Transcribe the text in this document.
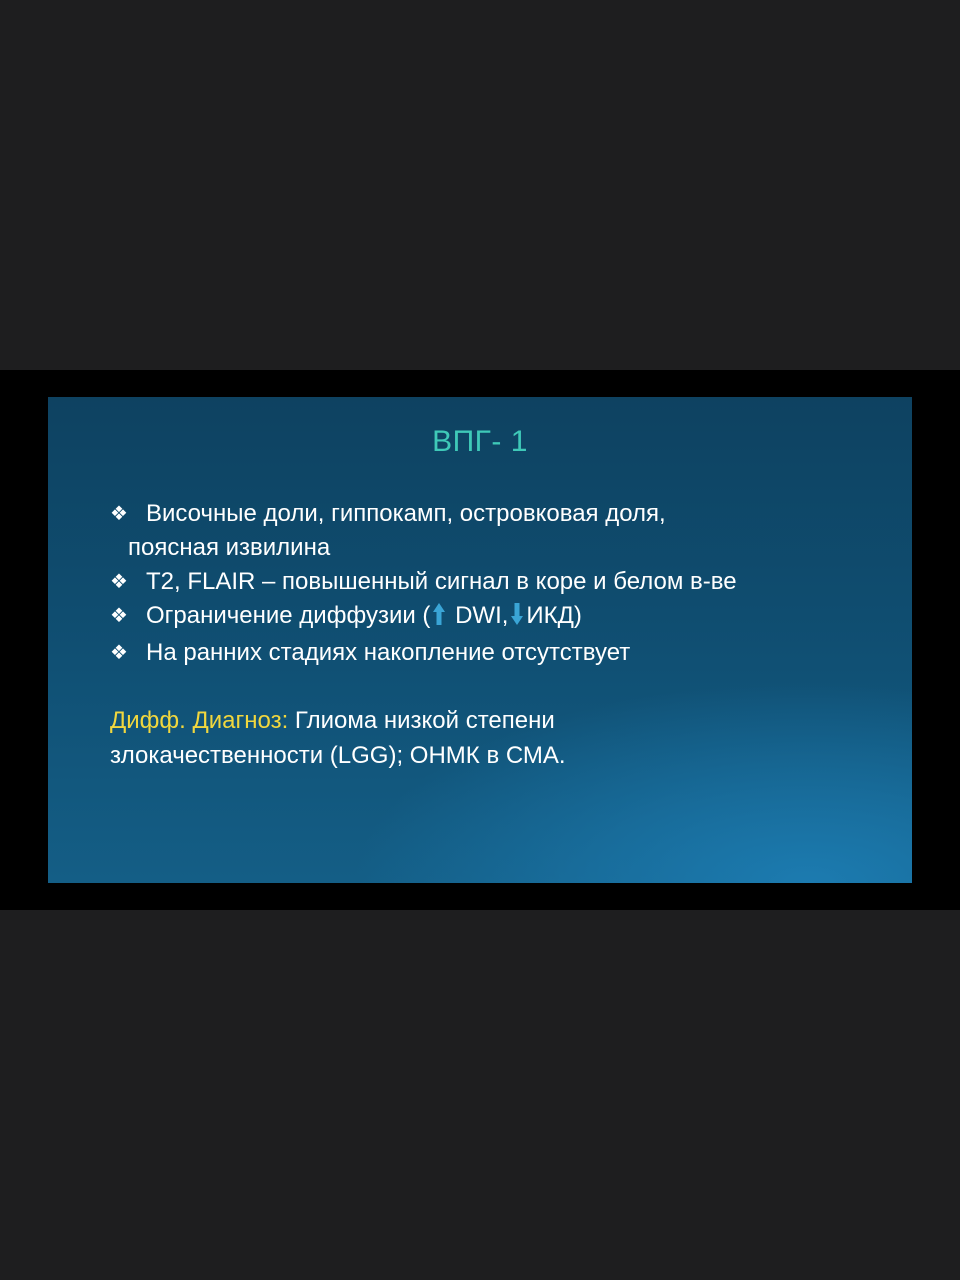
ВПГ- 1
❖ Височные доли, гиппокамп, островковая доля,
поясная извилина
❖ T2, FLAIR – повышенный сигнал в коре и белом в-ве
❖ Ограничение диффузии ( DWI, ИКД)
❖ На ранних стадиях накопление отсутствует
Дифф. Диагноз: Глиома низкой степени
злокачественности (LGG); ОНМК в СМА.
